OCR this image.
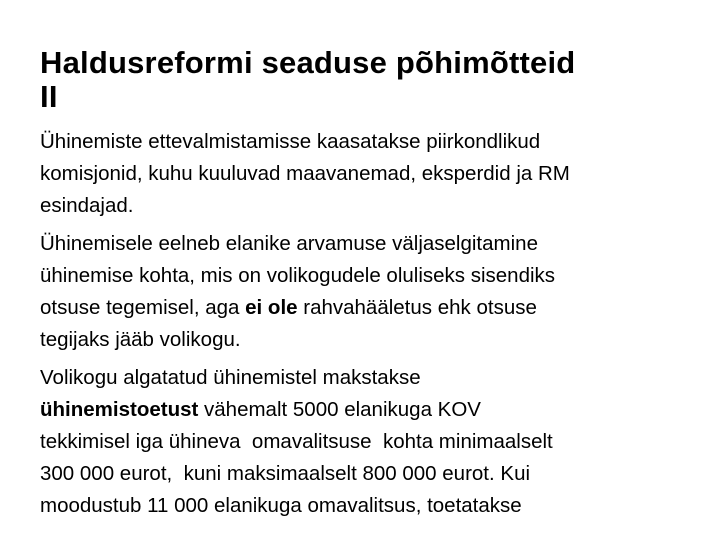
Haldusreformi seaduse põhimõtteid
II
Ühinemiste ettevalmistamisse kaasatakse piirkondlikud
komisjonid, kuhu kuuluvad maavanemad, eksperdid ja RM
esindajad.
Ühinemisele eelneb elanike arvamuse väljaselgitamine
ühinemise kohta, mis on volikogudele oluliseks sisendiks
otsuse tegemisel, aga ei ole rahvahääletus ehk otsuse
tegijaks jääb volikogu.
Volikogu algatatud ühinemistel makstakse
ühinemistoetust vähemalt 5000 elanikuga KOV
tekkimisel iga ühineva  omavalitsuse  kohta minimaalselt
300 000 eurot,  kuni maksimaalselt 800 000 eurot. Kui
moodustub 11 000 elanikuga omavalitsus, toetatakse
